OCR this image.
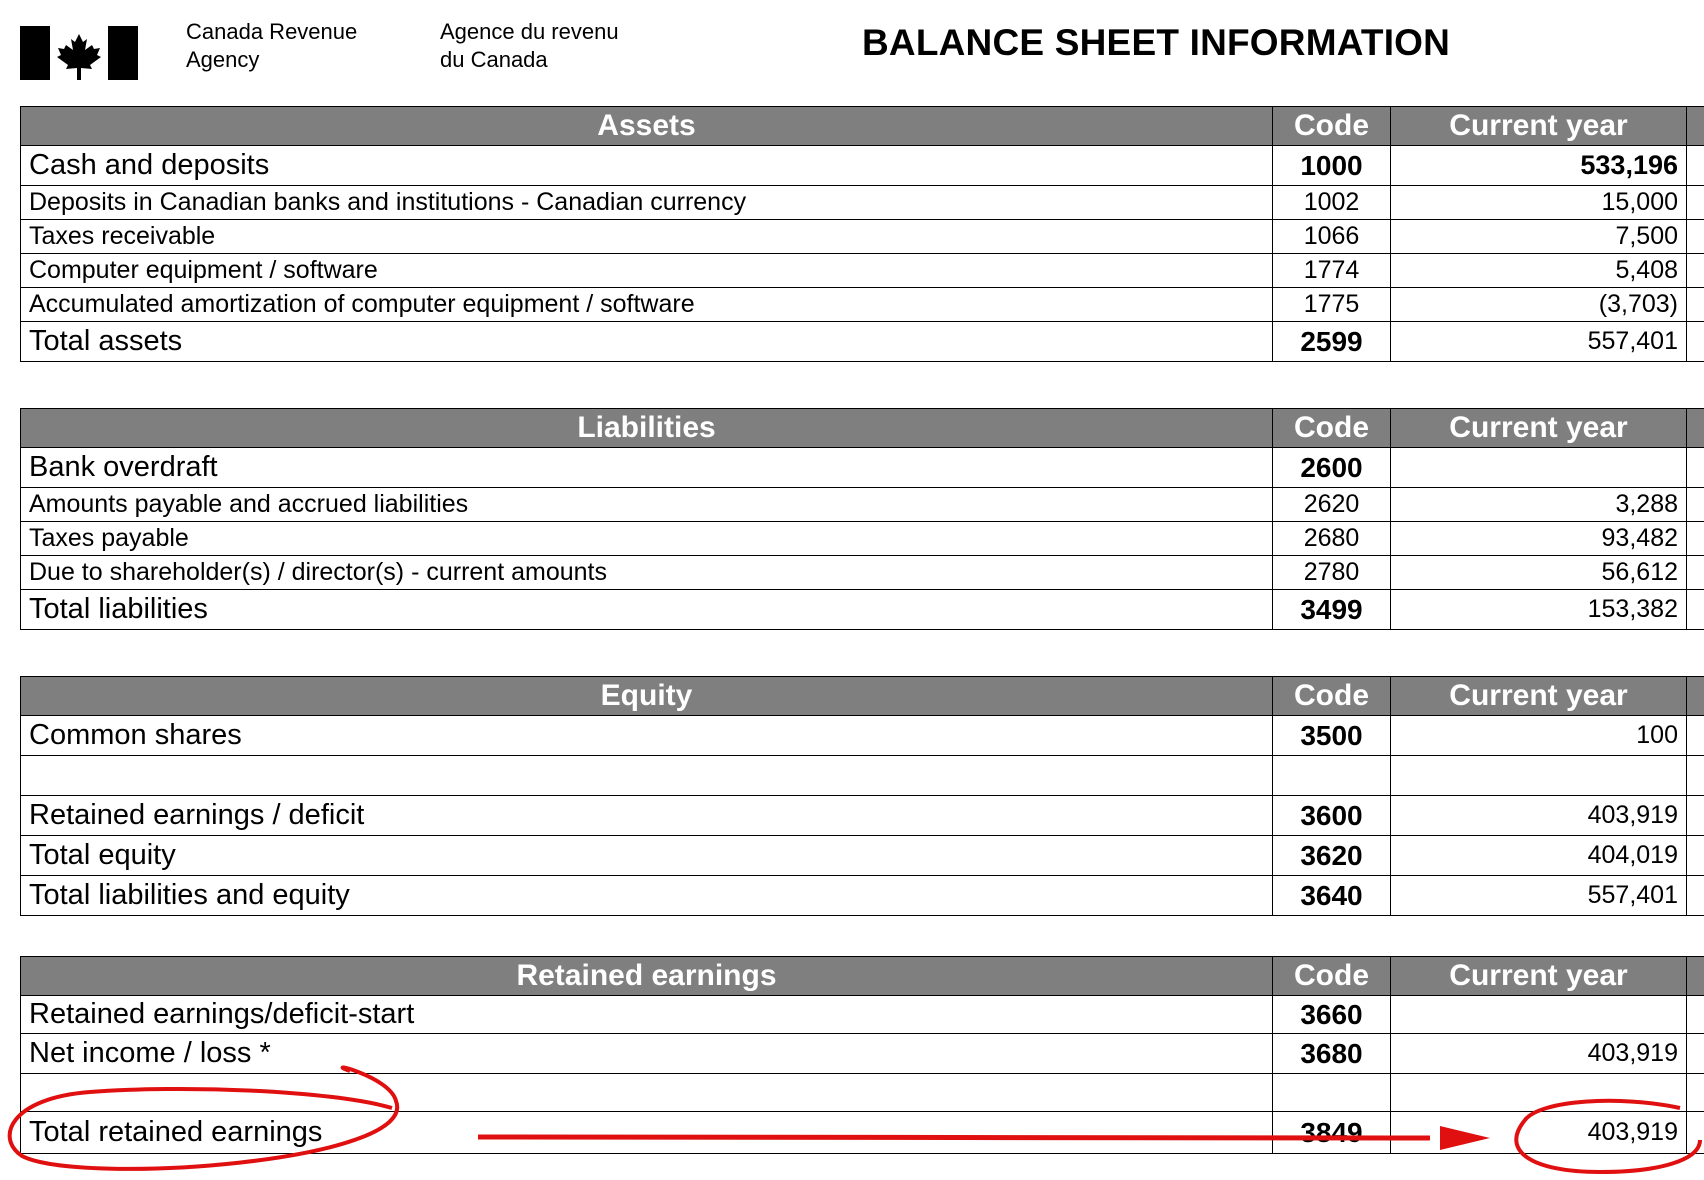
Canada Revenue
Agency
Agence du revenu
du Canada	BALANCE SHEET INFORMATION
Assets	Code	Current year	
Cash and deposits	1000	533,196	
Deposits in Canadian banks and institutions - Canadian currency	1002	15,000	
Taxes receivable	1066	7,500	
Computer equipment / software	1774	5,408	
Accumulated amortization of computer equipment / software	1775	(3,703)	
Total assets	2599	557,401	
Liabilities	Code	Current year	
Bank overdraft	2600		
Amounts payable and accrued liabilities	2620	3,288	
Taxes payable	2680	93,482	
Due to shareholder(s) / director(s) - current amounts	2780	56,612	
Total liabilities	3499	153,382	
Equity	Code	Current year	
Common shares	3500	100	

Retained earnings / deficit	3600	403,919	
Total equity	3620	404,019	
Total liabilities and equity	3640	557,401	
Retained earnings	Code	Current year	
Retained earnings/deficit-start	3660		
Net income / loss *	3680	403,919	

Total retained earnings	3849	403,919	
